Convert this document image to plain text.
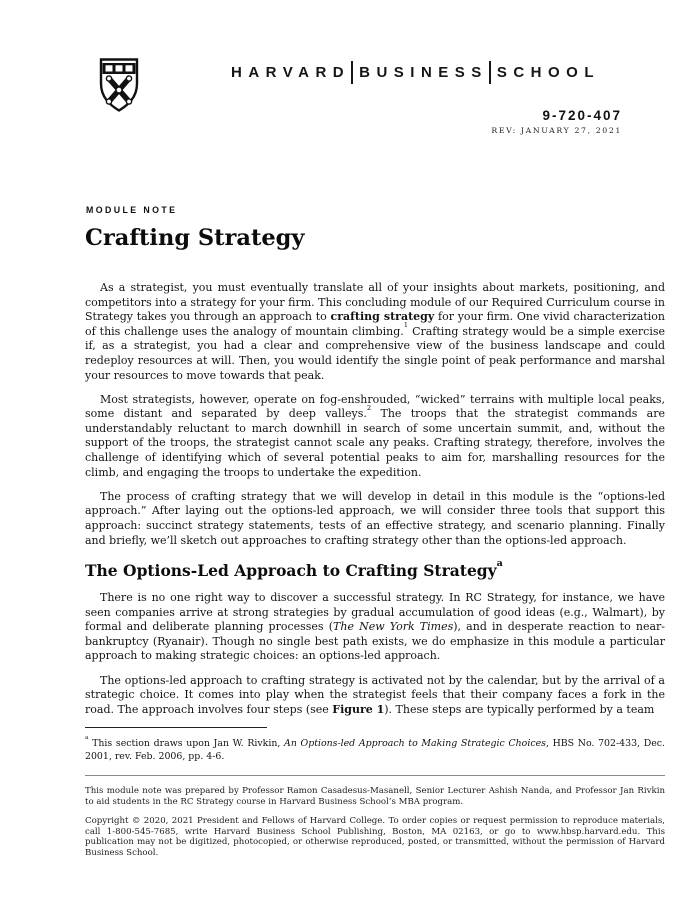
HARVARD BUSINESS SCHOOL
9-720-407
REV: JANUARY 27, 2021
MODULE NOTE
Crafting Strategy

As a strategist, you must eventually translate all of your insights about markets, positioning, and competitors into a strategy for your firm. This concluding module of our Required Curriculum course in Strategy takes you through an approach to crafting strategy for your firm. One vivid characterization of this challenge uses the analogy of mountain climbing.$^1$ Crafting strategy would be a simple exercise if, as a strategist, you had a clear and comprehensive view of the business landscape and could redeploy resources at will. Then, you would identify the single point of peak performance and marshal your resources to move towards that peak.

Most strategists, however, operate on fog-enshrouded, “wicked” terrains with multiple local peaks, some distant and separated by deep valleys.$^2$ The troops that the strategist commands are understandably reluctant to march downhill in search of some uncertain summit, and, without the support of the troops, the strategist cannot scale any peaks. Crafting strategy, therefore, involves the challenge of identifying which of several potential peaks to aim for, marshalling resources for the climb, and engaging the troops to undertake the expedition.

The process of crafting strategy that we will develop in detail in this module is the “options-led approach.” After laying out the options-led approach, we will consider three tools that support this approach: succinct strategy statements, tests of an effective strategy, and scenario planning. Finally and briefly, we’ll sketch out approaches to crafting strategy other than the options-led approach.

The Options-Led Approach to Crafting Strategy$^a$

There is no one right way to discover a successful strategy. In RC Strategy, for instance, we have seen companies arrive at strong strategies by gradual accumulation of good ideas (e.g., Walmart), by formal and deliberate planning processes (The New York Times), and in desperate reaction to near-bankruptcy (Ryanair). Though no single best path exists, we do emphasize in this module a particular approach to making strategic choices: an options-led approach.

The options-led approach to crafting strategy is activated not by the calendar, but by the arrival of a strategic choice. It comes into play when the strategist feels that their company faces a fork in the road. The approach involves four steps (see Figure 1). These steps are typically performed by a team

$^a$ This section draws upon Jan W. Rivkin, An Options-led Approach to Making Strategic Choices, HBS No. 702-433, Dec. 2001, rev. Feb. 2006, pp. 4-6.

This module note was prepared by Professor Ramon Casadesus-Masanell, Senior Lecturer Ashish Nanda, and Professor Jan Rivkin to aid students in the RC Strategy course in Harvard Business School’s MBA program.

Copyright © 2020, 2021 President and Fellows of Harvard College. To order copies or request permission to reproduce materials, call 1-800-545-7685, write Harvard Business School Publishing, Boston, MA 02163, or go to www.hbsp.harvard.edu. This publication may not be digitized, photocopied, or otherwise reproduced, posted, or transmitted, without the permission of Harvard Business School.
